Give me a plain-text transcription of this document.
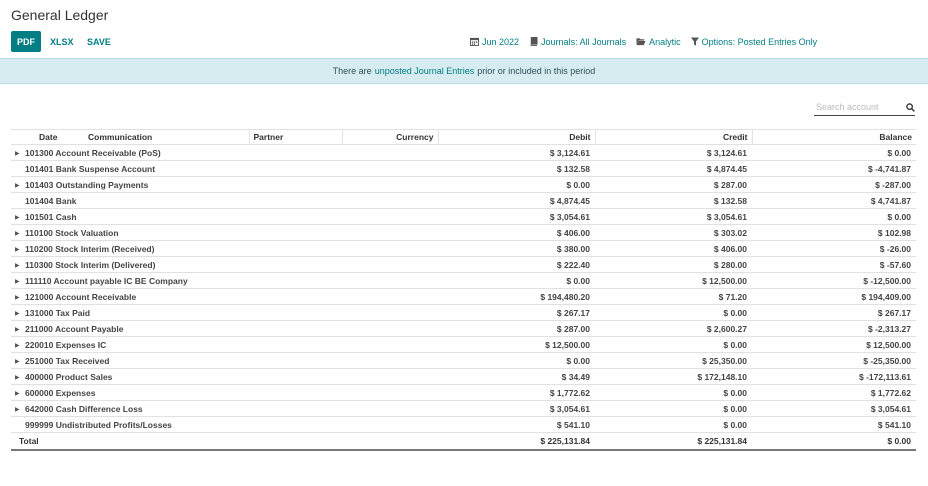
General Ledger
PDF	XLSX SAVE	Jun 2022 Journals: All Journals	Analytic Options: Posted Entries Only
There are unposted Journal Entries prior or included in this period
Search account
Date	Communication	Partner	Currency	Debit	Credit	Balance
▶ 101300 Account Receivable (PoS)				$ 3,124.61	$ 3,124.61	$ 0.00
101401 Bank Suspense Account				$ 132.58	$ 4,874.45	$ -4,741.87
▶ 101403 Outstanding Payments				$ 0.00	$ 287.00	$ -287.00
101404 Bank				$ 4,874.45	$ 132.58	$ 4,741.87
▶ 101501 Cash				$ 3,054.61	$ 3,054.61	$ 0.00
▶ 110100 Stock Valuation				$ 406.00	$ 303.02	$ 102.98
▶ 110200 Stock Interim (Received)				$ 380.00	$ 406.00	$ -26.00
▶ 110300 Stock Interim (Delivered)				$ 222.40	$ 280.00	$ -57.60
▶ 111110 Account payable IC BE Company				$ 0.00	$ 12,500.00	$ -12,500.00
▶ 121000 Account Receivable				$ 194,480.20	$ 71.20	$ 194,409.00
▶ 131000 Tax Paid				$ 267.17	$ 0.00	$ 267.17
▶ 211000 Account Payable				$ 287.00	$ 2,600.27	$ -2,313.27
▶ 220010 Expenses IC				$ 12,500.00	$ 0.00	$ 12,500.00
▶ 251000 Tax Received				$ 0.00	$ 25,350.00	$ -25,350.00
▶ 400000 Product Sales				$ 34.49	$ 172,148.10	$ -172,113.61
▶ 600000 Expenses				$ 1,772.62	$ 0.00	$ 1,772.62
▶ 642000 Cash Difference Loss				$ 3,054.61	$ 0.00	$ 3,054.61
999999 Undistributed Profits/Losses				$ 541.10	$ 0.00	$ 541.10
Total				$ 225,131.84	$ 225,131.84	$ 0.00
